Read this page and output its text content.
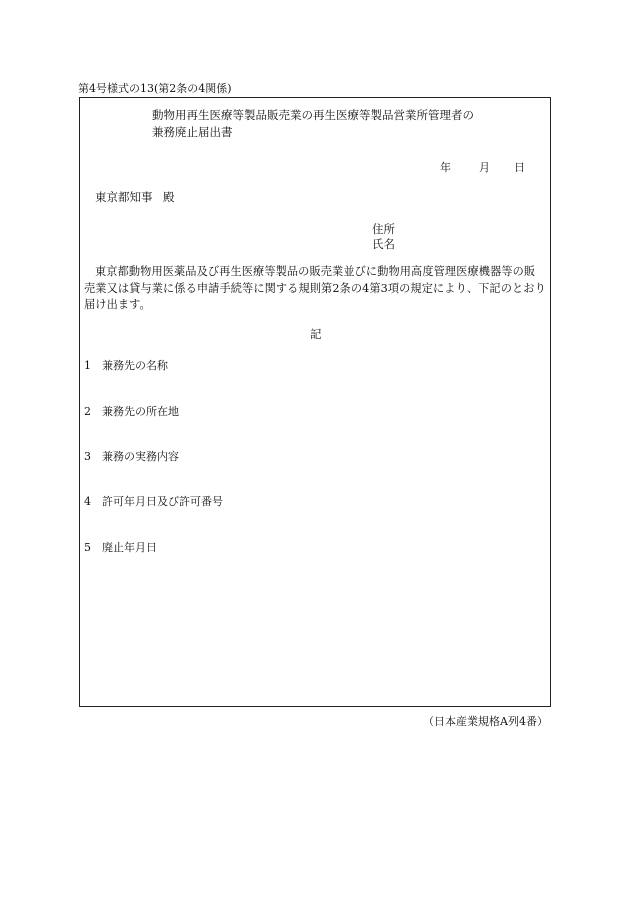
第4号様式の13(第2条の4関係)
動物用再生医療等製品販売業の再生医療等製品営業所管理者の
兼務廃止届出書
年	月 日
東京都知事 殿
住所
氏名
東京都動物用医薬品及び再生医療等製品の販売業並びに動物用高度管理医療機器等の販売業又は貸与業に係る申請手続等に関する規則第2条の4第3項の規定により、下記のとおり届け出ます。
記
1 兼務先の名称
2 兼務先の所在地
3 兼務の実務内容
4 許可年月日及び許可番号
5 廃止年月日
（日本産業規格A列4番）
